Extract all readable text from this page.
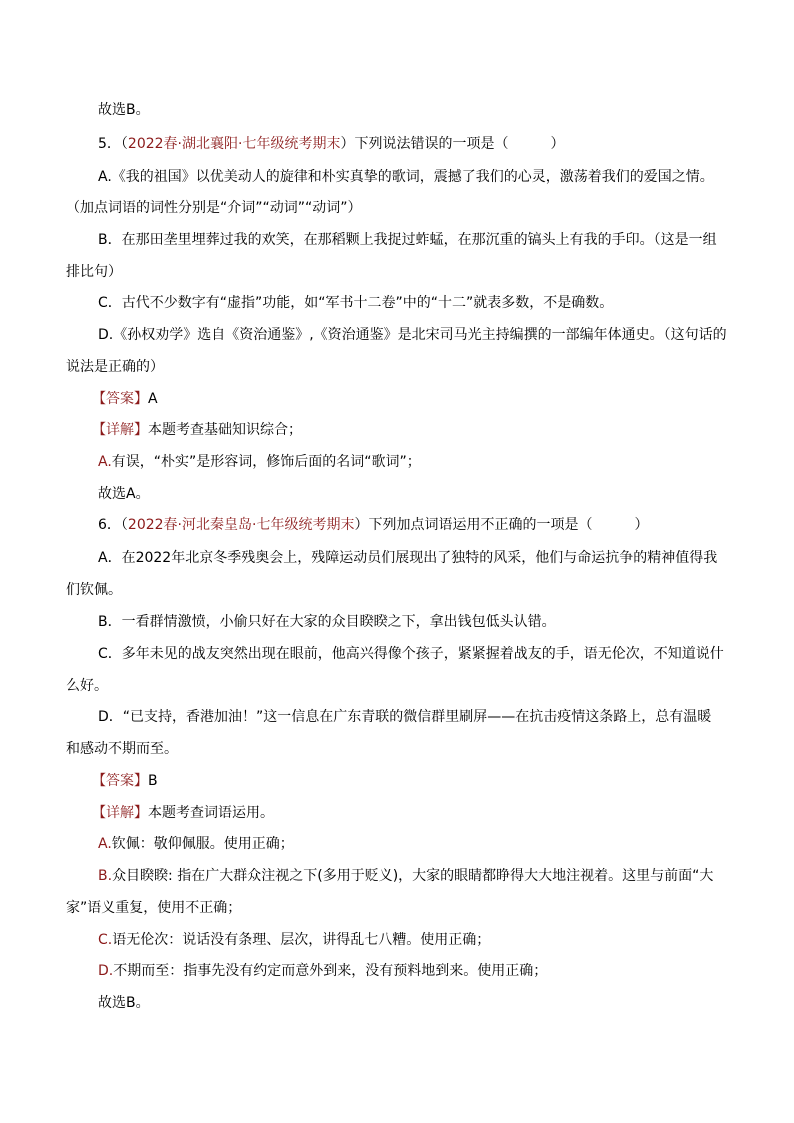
故选B。
5．（2022春·湖北襄阳·七年级统考期末）下列说法错误的一项是（　　　）
A.《我的祖国》以优美动人的旋律和朴实真挚的歌词，震撼了我们的心灵，激荡着我们的爱国之情。
（加点词语的词性分别是“介词”“动词”“动词”）
B．在那田垄里埋葬过我的欢笑，在那稻颗上我捉过蚱蜢，在那沉重的镐头上有我的手印。（这是一组
排比句）
C．古代不少数字有“虚指”功能，如“军书十二卷”中的“十二”就表多数，不是确数。
D.《孙权劝学》选自《资治通鉴》,《资治通鉴》是北宋司马光主持编撰的一部编年体通史。（这句话的
说法是正确的）
【答案】A
【详解】本题考查基础知识综合；
A.有误，“朴实”是形容词，修饰后面的名词“歌词”；
故选A。
6．（2022春·河北秦皇岛·七年级统考期末）下列加点词语运用不正确的一项是（　　　）
A．在2022年北京冬季残奥会上，残障运动员们展现出了独特的风采，他们与命运抗争的精神值得我
们钦佩。
B．一看群情激愤，小偷只好在大家的众目睽睽之下，拿出钱包低头认错。
C．多年未见的战友突然出现在眼前，他高兴得像个孩子，紧紧握着战友的手，语无伦次，不知道说什
么好。
D．“已支持，香港加油！”这一信息在广东青联的微信群里刷屏——在抗击疫情这条路上，总有温暖
和感动不期而至。
【答案】B
【详解】本题考查词语运用。
A.钦佩：敬仰佩服。使用正确；
B.众目睽睽: 指在广大群众注视之下(多用于贬义)，大家的眼睛都睁得大大地注视着。这里与前面“大
家”语义重复，使用不正确；
C.语无伦次：说话没有条理、层次，讲得乱七八糟。使用正确；
D.不期而至：指事先没有约定而意外到来，没有预料地到来。使用正确；
故选B。
